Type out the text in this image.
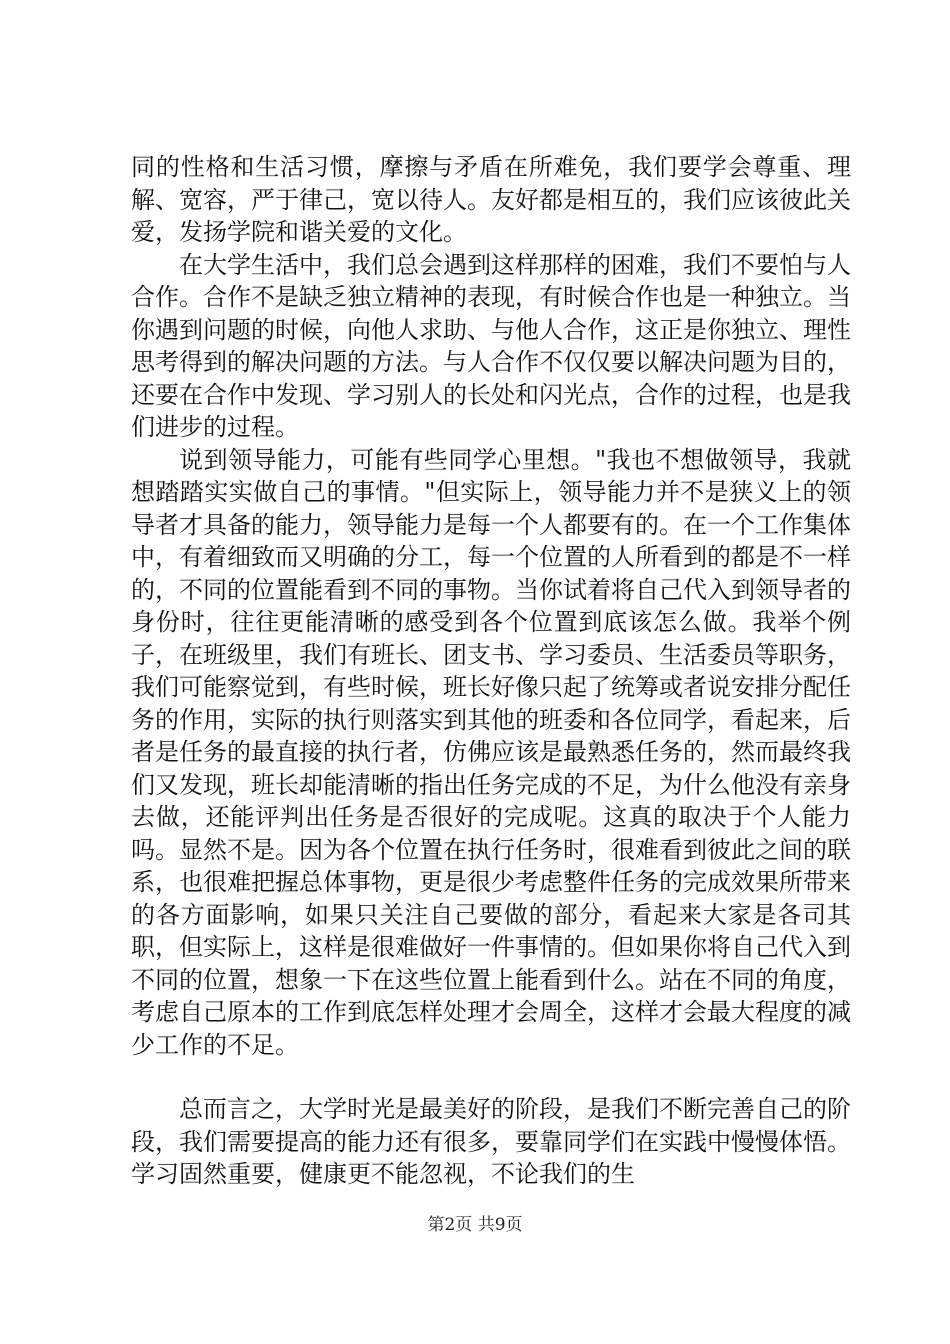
同的性格和生活习惯，摩擦与矛盾在所难免，我们要学会尊重、理解、宽容，严于律己，宽以待人。友好都是相互的，我们应该彼此关爱，发扬学院和谐关爱的文化。

在大学生活中，我们总会遇到这样那样的困难，我们不要怕与人合作。合作不是缺乏独立精神的表现，有时候合作也是一种独立。当你遇到问题的时候，向他人求助、与他人合作，这正是你独立、理性思考得到的解决问题的方法。与人合作不仅仅要以解决问题为目的，还要在合作中发现、学习别人的长处和闪光点，合作的过程，也是我们进步的过程。

说到领导能力，可能有些同学心里想。"我也不想做领导，我就想踏踏实实做自己的事情。"但实际上，领导能力并不是狭义上的领导者才具备的能力，领导能力是每一个人都要有的。在一个工作集体中，有着细致而又明确的分工，每一个位置的人所看到的都是不一样的，不同的位置能看到不同的事物。当你试着将自己代入到领导者的身份时，往往更能清晰的感受到各个位置到底该怎么做。我举个例子，在班级里，我们有班长、团支书、学习委员、生活委员等职务，我们可能察觉到，有些时候，班长好像只起了统筹或者说安排分配任务的作用，实际的执行则落实到其他的班委和各位同学，看起来，后者是任务的最直接的执行者，仿佛应该是最熟悉任务的，然而最终我们又发现，班长却能清晰的指出任务完成的不足，为什么他没有亲身去做，还能评判出任务是否很好的完成呢。这真的取决于个人能力吗。显然不是。因为各个位置在执行任务时，很难看到彼此之间的联系，也很难把握总体事物，更是很少考虑整件任务的完成效果所带来的各方面影响，如果只关注自己要做的部分，看起来大家是各司其职，但实际上，这样是很难做好一件事情的。但如果你将自己代入到不同的位置，想象一下在这些位置上能看到什么。站在不同的角度，考虑自己原本的工作到底怎样处理才会周全，这样才会最大程度的减少工作的不足。

总而言之，大学时光是最美好的阶段，是我们不断完善自己的阶段，我们需要提高的能力还有很多，要靠同学们在实践中慢慢体悟。学习固然重要，健康更不能忽视，不论我们的生

第2页 共9页
